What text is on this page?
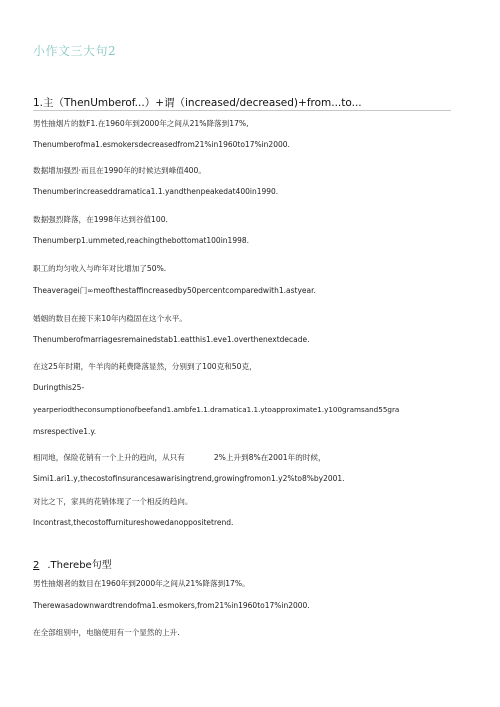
小作文三大句2
1.主（ThenUmberof...）+谓（increased/decreased)+from...to...
男性抽烟片的数F1.在1960年到2000年之间从21%降落到17%,
Thenumberofma1.esmokersdecreasedfrom21%in1960to17%in2000.
数据增加强烈·而且在1990年的时候达到峰值400。
Thenumberincreaseddramatica1.1.yandthenpeakedat400in1990.
数据强烈降落，在1998年达到谷值100.
Thenumberp1.ummeted,reachingthebottomat100in1998.
职工的均匀收入与昨年对比增加了50%.
Theaveragei门∞meofthestaffincreasedby50percentcomparedwith1.astyear.
婚姻的数目在接下来10年内稳固在这个水平。
Thenumberofmarriagesremainedstab1.eatthis1.eve1.overthenextdecade.
在这25年时期，牛羊肉的耗费降落显然，分别到了100克和50克，
Duringthis25-
yearperiodtheconsumptionofbeefand1.ambfe1.1.dramatica1.1.ytoapproximate1.y100gramsand55gra
msrespective1.y.
相同地，保险花销有一个上升的趋向，从只有            2%上升到8%在2001年的时候，
Simi1.ari1.y,thecostofinsurancesawarisingtrend,growingfromon1.y2%to8%by2001.
对比之下，家具的花销体现了一个相反的趋向。
Incontrast,thecostoffurnitureshowedanoppositetrend.
2 .Therebe句型
男性抽烟者的数目在1960年到2000年之间从21%降落到17%。
Therewasadownwardtrendofma1.esmokers,from21%in1960to17%in2000.
在全部组别中，电脑使用有一个显然的上升.
